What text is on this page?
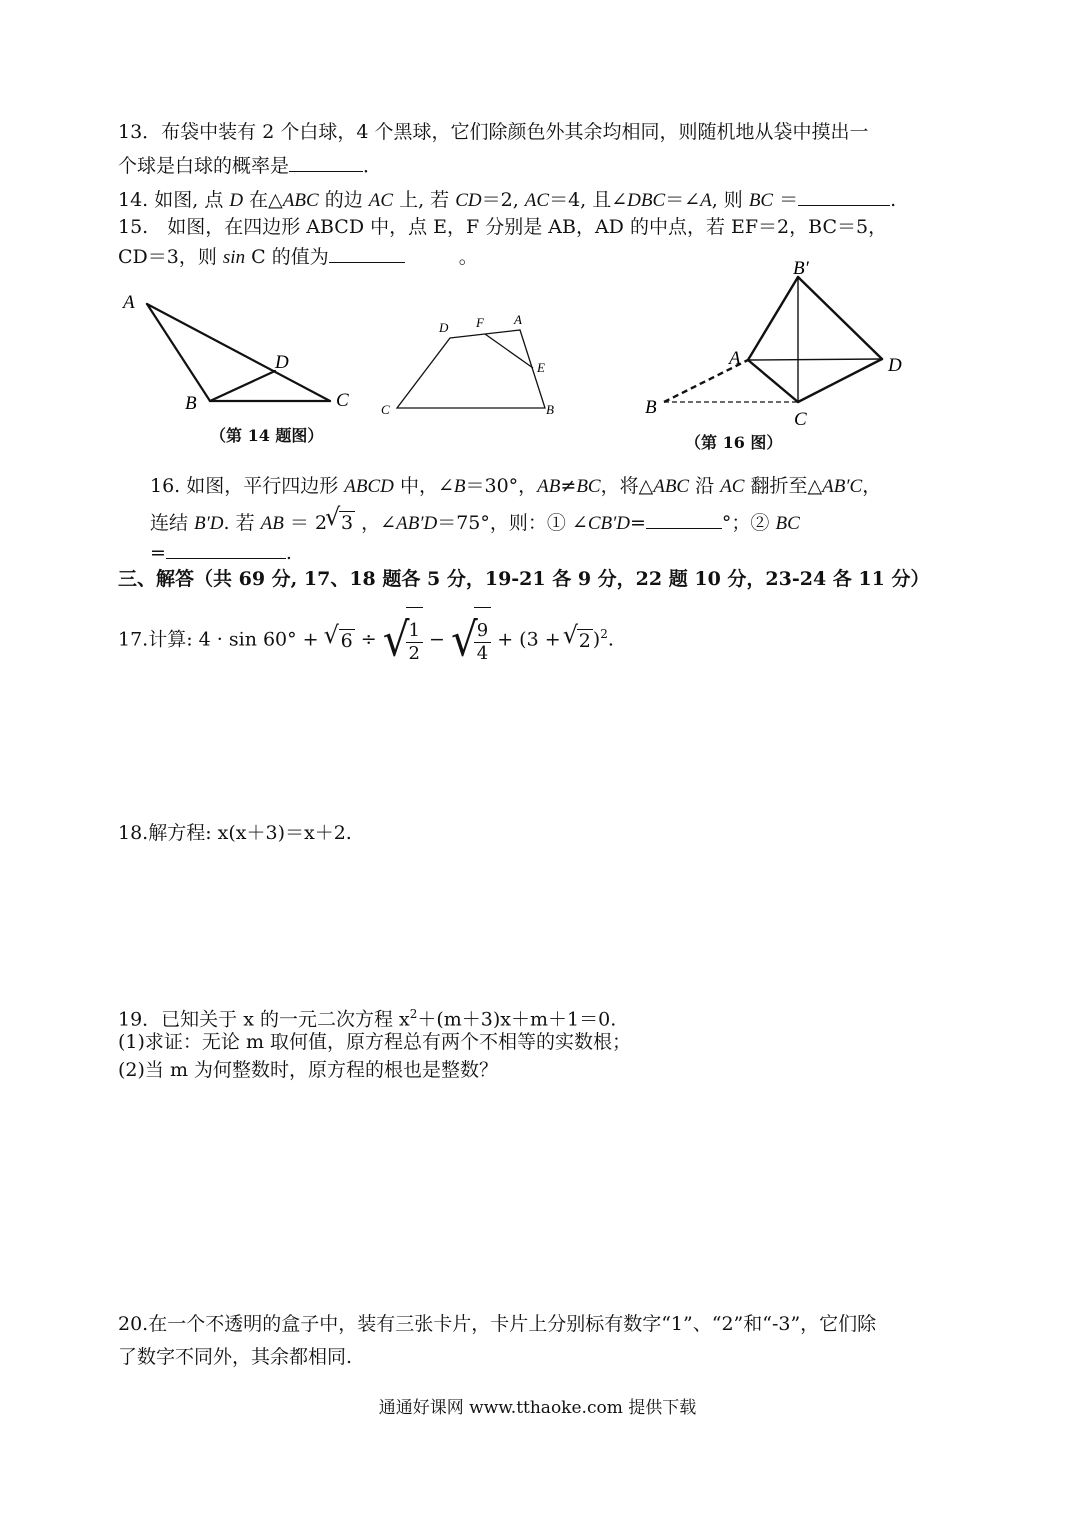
13．布袋中装有 2 个白球，4 个黑球，它们除颜色外其余均相同，则随机地从袋中摸出一
个球是白球的概率是	．
14. 如图, 点 D 在△ABC 的边 AC 上, 若 CD＝2, AC＝4, 且∠DBC＝∠A, 则 BC ＝	.
15.　如图，在四边形 ABCD 中，点 E，F 分别是 AB，AD 的中点，若 EF＝2，BC＝5，
CD＝3，则 sin C 的值为	。
A
B	C
D
（第 14 题图）
D F A
E
C	B
B′
A	D
B
C
（第 16 图）
16. 如图，平行四边形 ABCD 中，∠B＝30°，AB≠BC，将△ABC 沿 AC 翻折至△AB′C，
连结 B′D. 若 AB ＝ 2
√ 3 ，∠AB′D＝75°，则：① ∠CB′D=	°；② BC
=	.
三、解答（共 69 分, 17、18 题各 5 分，19-21 各 9 分，22 题 10 分，23-24 各 11 分）
17.计算: 4 · sin 60° + √ 6 ÷ √
$\frac{1}{2}$ − √
$\frac{9}{4} + (3$ +
√ 2 )$^2$.
18.解方程: x(x＋3)＝x＋2.
19．已知关于 x 的一元二次方程 $x^2+(m+3)x+m+1=0$.
(1)求证：无论 m 取何值，原方程总有两个不相等的实数根；
(2)当 m 为何整数时，原方程的根也是整数？
20.在一个不透明的盒子中，装有三张卡片，卡片上分别标有数字“1”、“2”和“-3”，它们除
了数字不同外，其余都相同.
通通好课网 www.tthaoke.com 提供下载
